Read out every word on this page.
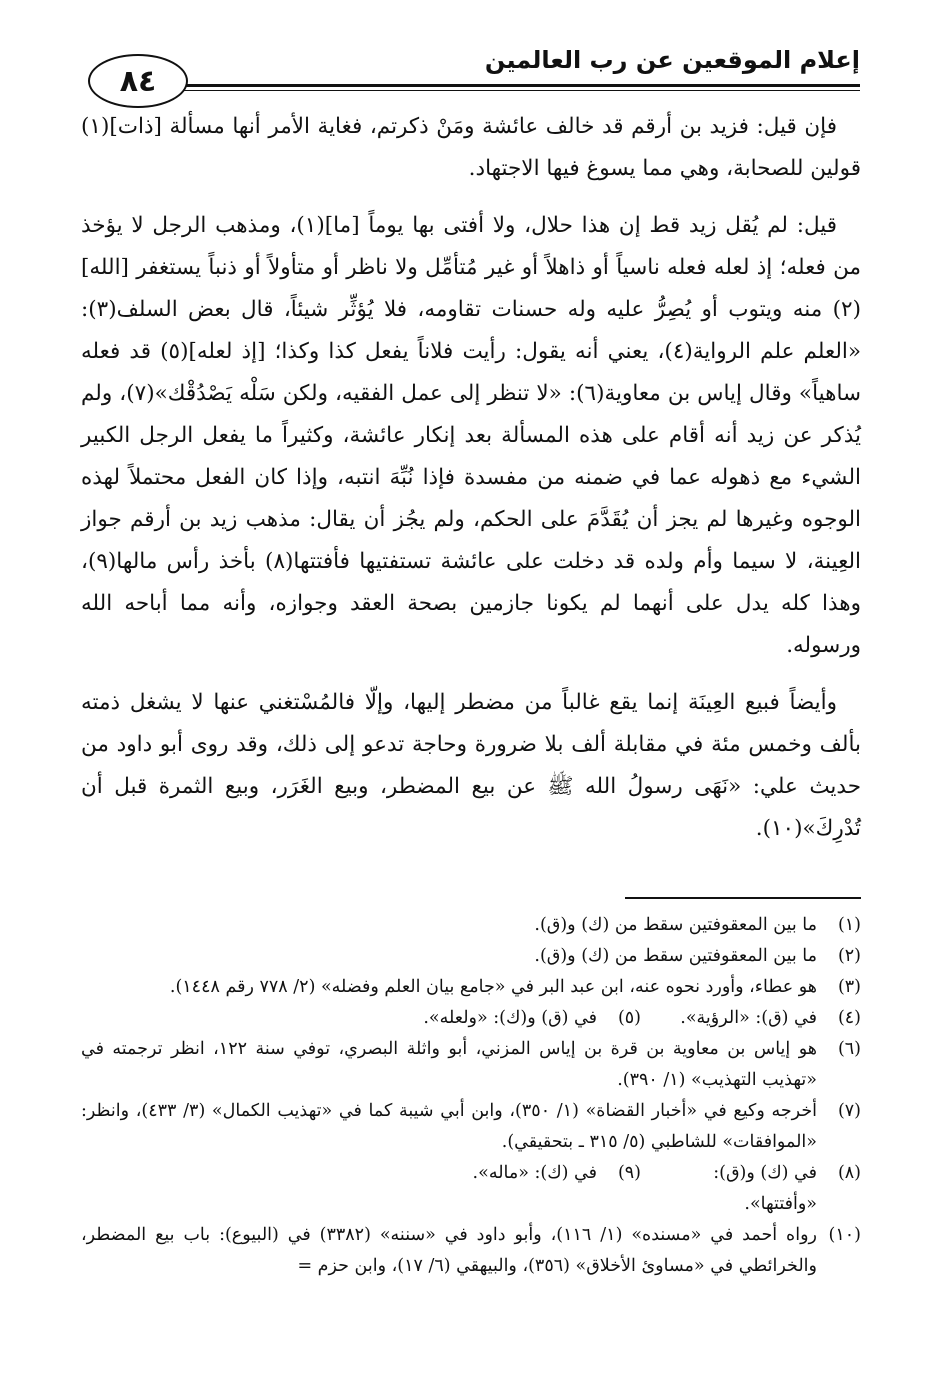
إعلام الموقعين عن رب العالمين
٨٤

فإن قيل: فزيد بن أرقم قد خالف عائشة ومَنْ ذكرتم، فغاية الأمر أنها مسألة [ذات](١) قولين للصحابة، وهي مما يسوغ فيها الاجتهاد.

قيل: لم يُقل زيد قط إن هذا حلال، ولا أفتى بها يوماً [ما](١)، ومذهب الرجل لا يؤخذ من فعله؛ إذ لعله فعله ناسياً أو ذاهلاً أو غير مُتأمِّل ولا ناظر أو متأولاً أو ذنباً يستغفر [الله](٢) منه ويتوب أو يُصِرُّ عليه وله حسنات تقاومه، فلا يُؤثِّر شيئاً، قال بعض السلف(٣): «العلم علم الرواية(٤)، يعني أنه يقول: رأيت فلاناً يفعل كذا وكذا؛ [إذ لعله](٥) قد فعله ساهياً» وقال إياس بن معاوية(٦): «لا تنظر إلى عمل الفقيه، ولكن سَلْه يَصْدُقْك»(٧)، ولم يُذكر عن زيد أنه أقام على هذه المسألة بعد إنكار عائشة، وكثيراً ما يفعل الرجل الكبير الشيء مع ذهوله عما في ضمنه من مفسدة فإذا نُبِّهَ انتبه، وإذا كان الفعل محتملاً لهذه الوجوه وغيرها لم يجز أن يُقَدَّمَ على الحكم، ولم يجُز أن يقال: مذهب زيد بن أرقم جواز العِينة، لا سيما وأم ولده قد دخلت على عائشة تستفتيها فأفتتها(٨) بأخذ رأس مالها(٩)، وهذا كله يدل على أنهما لم يكونا جازمين بصحة العقد وجوازه، وأنه مما أباحه الله ورسوله.

وأيضاً فبيع العِينَة إنما يقع غالباً من مضطر إليها، وإلّا فالمُسْتغني عنها لا يشغل ذمته بألف وخمس مئة في مقابلة ألف بلا ضرورة وحاجة تدعو إلى ذلك، وقد روى أبو داود من حديث علي: «نَهَى رسولُ الله ﷺ عن بيع المضطر، وبيع الغَرَر، وبيع الثمرة قبل أن تُدْرِكَ»(١٠).

(١)
ما بين المعقوفتين سقط من (ك) و(ق).
(٢)
ما بين المعقوفتين سقط من (ك) و(ق).
(٣)
هو عطاء، وأورد نحوه عنه، ابن عبد البر في «جامع بيان العلم وفضله» (٢/ ٧٧٨ رقم ١٤٤٨).
(٤)
في (ق): «الرؤية».
(٥)
في (ق) و(ك): «ولعله».
(٦)
هو إياس بن معاوية بن قرة بن إياس المزني، أبو واثلة البصري، توفي سنة ١٢٢، انظر ترجمته في «تهذيب التهذيب» (١/ ٣٩٠).
(٧)
أخرجه وكيع في «أخبار القضاة» (١/ ٣٥٠)، وابن أبي شيبة كما في «تهذيب الكمال» (٣/ ٤٣٣)، وانظر: «الموافقات» للشاطبي (٥/ ٣١٥ ـ بتحقيقي).
(٨)
في (ك) و(ق): «وأفتتها».
(٩)
في (ك): «ماله».
(١٠)
رواه أحمد في «مسنده» (١/ ١١٦)، وأبو داود في «سننه» (٣٣٨٢) في (البيوع): باب بيع المضطر، والخرائطي في «مساوئ الأخلاق» (٣٥٦)، والبيهقي (٦/ ١٧)، وابن حزم =
